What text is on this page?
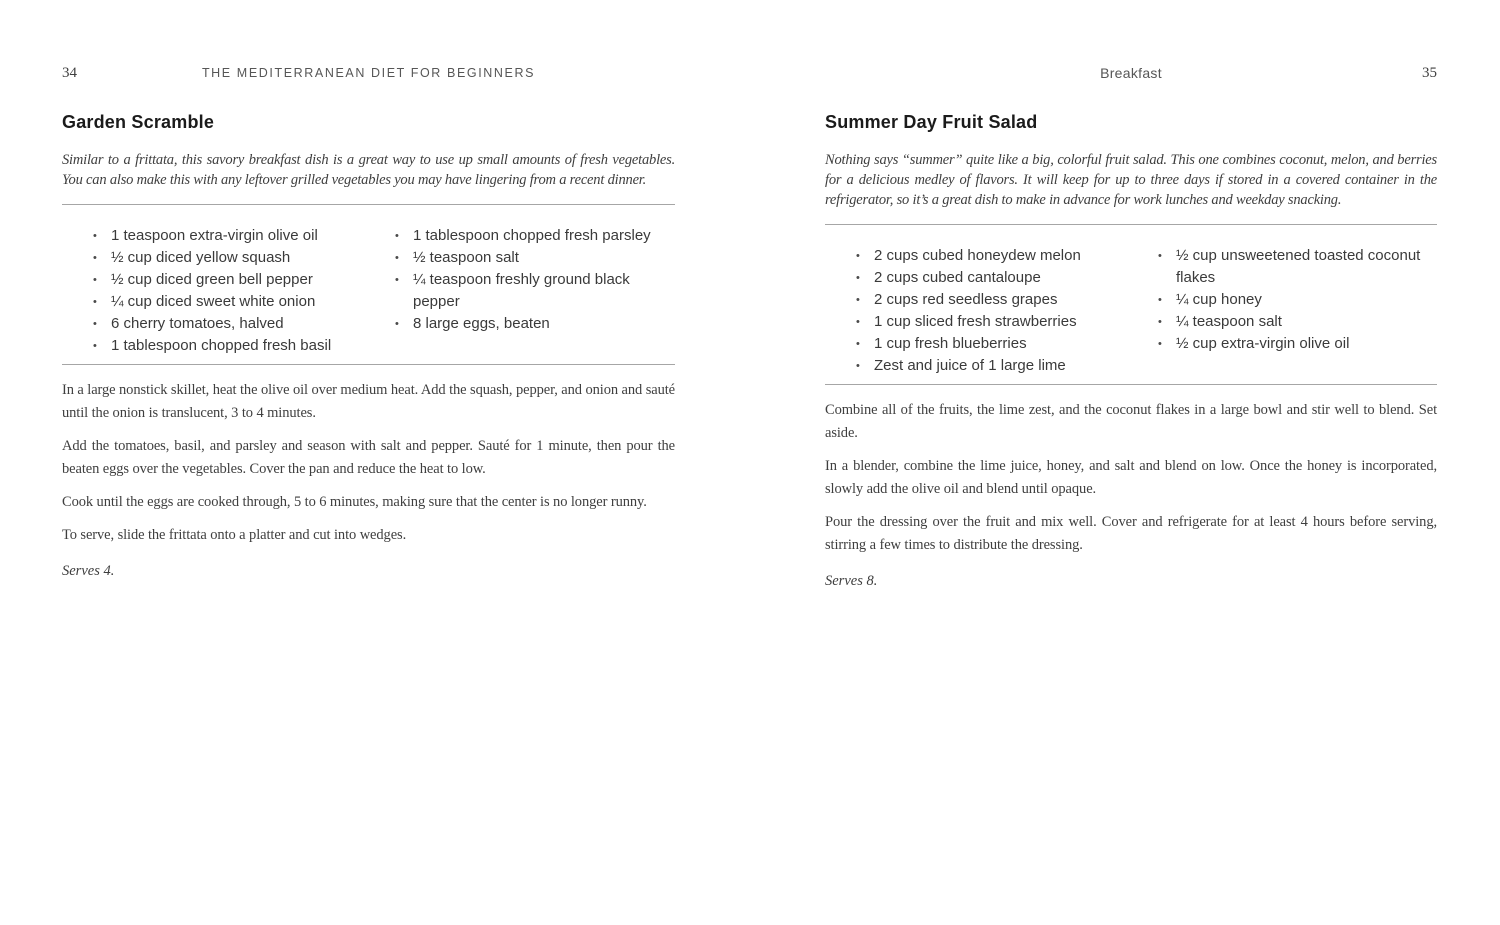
34	THE MEDITERRANEAN DIET FOR BEGINNERS
Garden Scramble

Similar to a frittata, this savory breakfast dish is a great way to use up small amounts of fresh vegetables. You can also make this with any leftover grilled vegetables you may have lingering from a recent dinner.

• 1 teaspoon extra-virgin olive oil
• ½ cup diced yellow squash
• ½ cup diced green bell pepper
• ¼ cup diced sweet white onion
• 6 cherry tomatoes, halved
• 1 tablespoon chopped fresh basil
• 1 tablespoon chopped fresh parsley
• ½ teaspoon salt
• ¼ teaspoon freshly ground black pepper
• 8 large eggs, beaten

In a large nonstick skillet, heat the olive oil over medium heat. Add the squash, pepper, and onion and sauté until the onion is translucent, 3 to 4 minutes.

Add the tomatoes, basil, and parsley and season with salt and pepper. Sauté for 1 minute, then pour the beaten eggs over the vegetables. Cover the pan and reduce the heat to low.

Cook until the eggs are cooked through, 5 to 6 minutes, making sure that the center is no longer runny.

To serve, slide the frittata onto a platter and cut into wedges.

Serves 4.

Breakfast	35
Summer Day Fruit Salad

Nothing says “summer” quite like a big, colorful fruit salad. This one combines coconut, melon, and berries for a delicious medley of flavors. It will keep for up to three days if stored in a covered container in the refrigerator, so it’s a great dish to make in advance for work lunches and weekday snacking.

• 2 cups cubed honeydew melon
• 2 cups cubed cantaloupe
• 2 cups red seedless grapes
• 1 cup sliced fresh strawberries
• 1 cup fresh blueberries
• Zest and juice of 1 large lime
• ½ cup unsweetened toasted coconut flakes
• ¼ cup honey
• ¼ teaspoon salt
• ½ cup extra-virgin olive oil

Combine all of the fruits, the lime zest, and the coconut flakes in a large bowl and stir well to blend. Set aside.

In a blender, combine the lime juice, honey, and salt and blend on low. Once the honey is incorporated, slowly add the olive oil and blend until opaque.

Pour the dressing over the fruit and mix well. Cover and refrigerate for at least 4 hours before serving, stirring a few times to distribute the dressing.

Serves 8.
